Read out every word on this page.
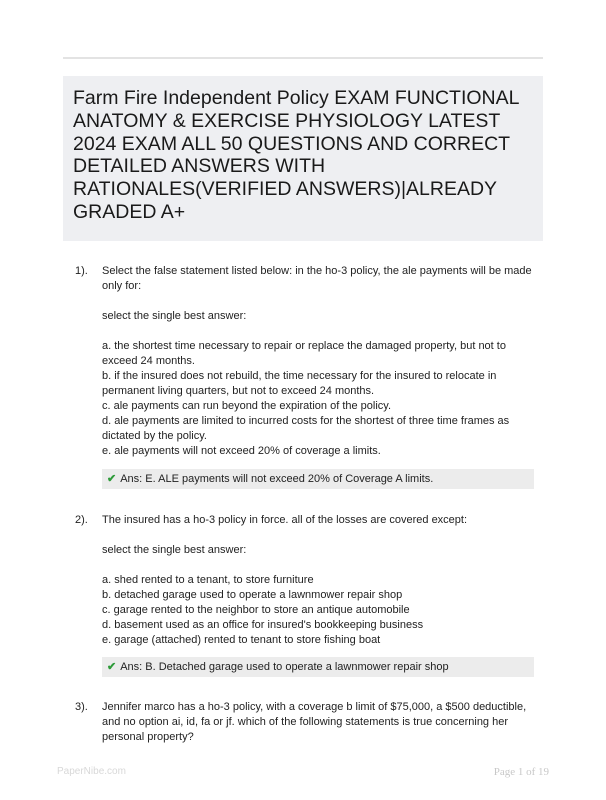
Farm Fire Independent Policy EXAM FUNCTIONAL ANATOMY & EXERCISE PHYSIOLOGY LATEST 2024 EXAM ALL 50 QUESTIONS AND CORRECT DETAILED ANSWERS WITH RATIONALES(VERIFIED ANSWERS)|ALREADY GRADED A+
1). Select the false statement listed below: in the ho-3 policy, the ale payments will be made only for:

select the single best answer:

a. the shortest time necessary to repair or replace the damaged property, but not to exceed 24 months.
b. if the insured does not rebuild, the time necessary for the insured to relocate in permanent living quarters, but not to exceed 24 months.
c. ale payments can run beyond the expiration of the policy.
d. ale payments are limited to incurred costs for the shortest of three time frames as dictated by the policy.
e. ale payments will not exceed 20% of coverage a limits.
✔ Ans: E. ALE payments will not exceed 20% of Coverage A limits.
2). The insured has a ho-3 policy in force. all of the losses are covered except:

select the single best answer:

a. shed rented to a tenant, to store furniture
b. detached garage used to operate a lawnmower repair shop
c. garage rented to the neighbor to store an antique automobile
d. basement used as an office for insured's bookkeeping business
e. garage (attached) rented to tenant to store fishing boat
✔ Ans: B. Detached garage used to operate a lawnmower repair shop
3). Jennifer marco has a ho-3 policy, with a coverage b limit of $75,000, a $500 deductible, and no option ai, id, fa or jf. which of the following statements is true concerning her personal property?

PaperNibe.com	Page 1 of 19
